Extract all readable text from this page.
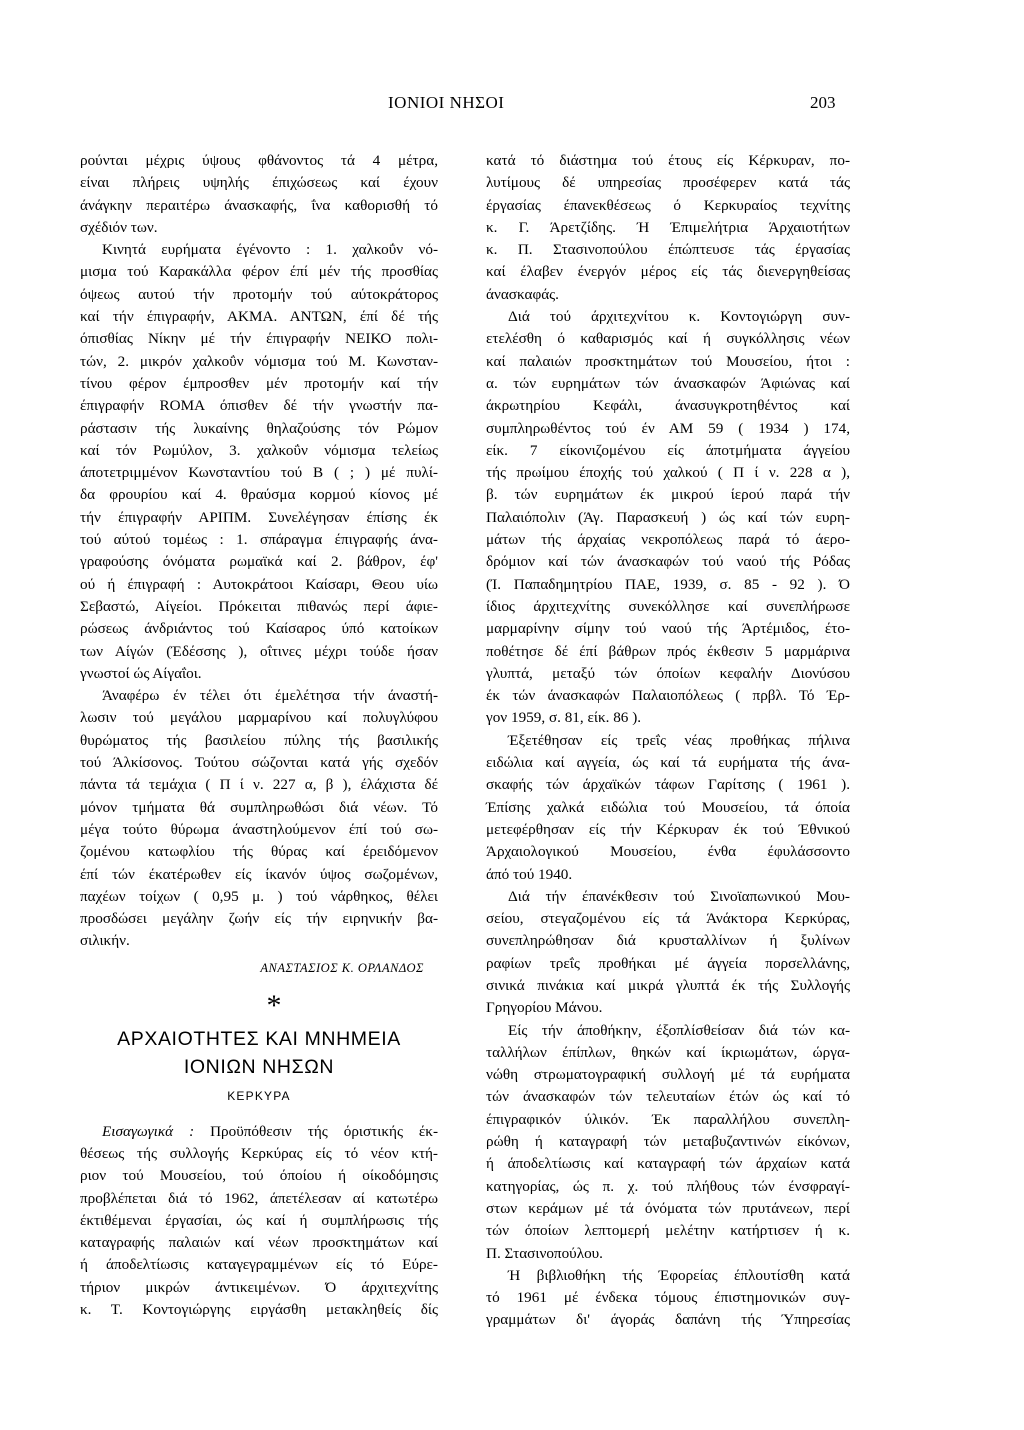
ΙΟΝΙΟΙ ΝΗΣΟΙ	203
ρούνται μέχρις ύψους φθάνοντος τά 4 μέτρα,
είναι πλήρεις υψηλής έπιχώσεως καί έχουν
άνάγκην περαιτέρω άνασκαφής, ΐνα καθορισθή τό
σχέδιόν των.
Κινητά ευρήματα έγένοντο : 1. χαλκοΰν νό-
μισμα τού Καρακάλλα φέρον έπί μέν τής προσθίας
όψεως αυτού τήν προτομήν τού αύτοκράτορος
καί τήν έπιγραφήν, ΑΚΜΑ. ΑΝΤΩΝ, έπί δέ τής
όπισθίας Νίκην μέ τήν έπιγραφήν ΝΕΙΚΟ πολι-
τών, 2. μικρόν χαλκοΰν νόμισμα τού Μ. Κωνσταν-
τίνου φέρον έμπροσθεν μέν προτομήν καί τήν
έπιγραφήν ROMA όπισθεν δέ τήν γνωστήν πα-
ράστασιν τής λυκαίνης θηλαζούσης τόν Ρώμον
καί τόν Ρωμύλον, 3. χαλκοΰν νόμισμα τελείως
άποτετριμμένον Κωνσταντίου τού Β ( ; ) μέ πυλί-
δα φρουρίου καί 4. θραύσμα κορμού κίονος μέ
τήν έπιγραφήν ΑΡΙΠΜ. Συνελέγησαν έπίσης έκ
τού αύτού τομέως : 1. σπάραγμα έπιγραφής άνα-
γραφούσης όνόματα ρωμαϊκά καί 2. βάθρον, έφ'
ού ή έπιγραφή : Αυτοκράτοοι Καίσαρι, Θεου υίω
Σεβαστώ, Αίγείοι. Πρόκειται πιθανώς περί άφιε-
ρώσεως άνδριάντος τού Καίσαρος ύπό κατοίκων
των Αίγών (Έδέσσης ), οΐτινες μέχρι τούδε ήσαν
γνωστοί ώς Αίγαΐοι.
Άναφέρω έν τέλει ότι έμελέτησα τήν άναστή-
λωσιν τού μεγάλου μαρμαρίνου καί πολυγλύφου
θυρώματος τής βασιλείου πύλης τής βασιλικής
τού Άλκίσονος. Τούτου σώζονται κατά γής σχεδόν
πάντα τά τεμάχια ( Π ί ν. 227 α, β ), έλάχιστα δέ
μόνον τμήματα θά συμπληρωθώσι διά νέων. Τό
μέγα τούτο θύρωμα άναστηλούμενον έπί τού σω-
ζομένου κατωφλίου τής θύρας καί έρειδόμενον
έπί τών έκατέρωθεν είς ίκανόν ύψος σωζομένων,
παχέων τοίχων ( 0,95 μ. ) τού νάρθηκος, θέλει
προσδώσει μεγάλην ζωήν είς τήν ειρηνικήν βα-
σιλικήν.
ΑΝΑΣΤΑΣΙΟΣ Κ. ΟΡΛΑΝΔΟΣ
*
ΑΡΧΑΙΟΤΗΤΕΣ ΚΑΙ ΜΝΗΜΕΙΑ
ΙΟΝΙΩΝ ΝΗΣΩΝ
ΚΕΡΚΥΡΑ
Εισαγωγικά : Προϋπόθεσιν τής όριστικής έκ-
θέσεως τής συλλογής Κερκύρας είς τό νέον κτή-
ριον τού Μουσείου, τού όποίου ή οίκοδόμησις
προβλέπεται διά τό 1962, άπετέλεσαν αί κατωτέρω
έκτιθέμεναι έργασίαι, ώς καί ή συμπλήρωσις τής
καταγραφής παλαιών καί νέων προσκτημάτων καί
ή άποδελτίωσις καταγεγραμμένων είς τό Εύρε-
τήριον μικρών άντικειμένων. Ό άρχιτεχνίτης
κ. Τ. Κοντογιώργης ειργάσθη μετακληθείς δίς
κατά τό διάστημα τού έτους είς Κέρκυραν, πο-
λυτίμους δέ υπηρεσίας προσέφερεν κατά τάς
έργασίας έπανεκθέσεως ό Κερκυραίος τεχνίτης
κ. Γ. Άρετζίδης. Ή Έπιμελήτρια Άρχαιοτήτων
κ. Π. Στασινοπούλου έπώπτευσε τάς έργασίας
καί έλαβεν ένεργόν μέρος είς τάς διενεργηθείσας
άνασκαφάς.
Διά τού άρχιτεχνίτου κ. Κοντογιώργη συν-
ετελέσθη ό καθαρισμός καί ή συγκόλλησις νέων
καί παλαιών προσκτημάτων τού Μουσείου, ήτοι :
α. τών ευρημάτων τών άνασκαφών Άφιώνας καί
άκρωτηρίου Κεφάλι, άνασυγκροτηθέντος καί
συμπληρωθέντος τού έν ΑΜ 59 ( 1934 ) 174,
είκ. 7 είκονιζομένου είς άποτμήματα άγγείου
τής πρωίμου έποχής τού χαλκού ( Π ί ν. 228 α ),
β. τών ευρημάτων έκ μικρού ίερού παρά τήν
Παλαιόπολιν (Άγ. Παρασκευή ) ώς καί τών ευρη-
μάτων τής άρχαίας νεκροπόλεως παρά τό άερο-
δρόμιον καί τών άνασκαφών τού ναού τής Ρόδας
(Ί. Παπαδημητρίου ΠΑΕ, 1939, σ. 85 - 92 ). Ό
ίδιος άρχιτεχνίτης συνεκόλλησε καί συνεπλήρωσε
μαρμαρίνην σίμην τού ναού τής Άρτέμιδος, έτο-
ποθέτησε δέ έπί βάθρων πρός έκθεσιν 5 μαρμάρινα
γλυπτά, μεταξύ τών όποίων κεφαλήν Διονύσου
έκ τών άνασκαφών Παλαιοπόλεως ( πρβλ. Τό Έρ-
γον 1959, σ. 81, είκ. 86 ).
Έξετέθησαν είς τρεΐς νέας προθήκας πήλινα
ειδώλια καί αγγεία, ώς καί τά ευρήματα τής άνα-
σκαφής τών άρχαϊκών τάφων Γαρίτσης ( 1961 ).
Έπίσης χαλκά ειδώλια τού Μουσείου, τά όποία
μετεφέρθησαν είς τήν Κέρκυραν έκ τού Έθνικού
Άρχαιολογικού Μουσείου, ένθα έφυλάσσοντο
άπό τού 1940.
Διά τήν έπανέκθεσιν τού Σινοϊαπωνικού Μου-
σείου, στεγαζομένου είς τά Άνάκτορα Κερκύρας,
συνεπληρώθησαν διά κρυσταλλίνων ή ξυλίνων
ραφίων τρεΐς προθήκαι μέ άγγεία πορσελλάνης,
σινικά πινάκια καί μικρά γλυπτά έκ τής Συλλογής
Γρηγορίου Μάνου.
Είς τήν άποθήκην, έξοπλίσθείσαν διά τών κα-
ταλλήλων έπίπλων, θηκών καί ίκριωμάτων, ώργα-
νώθη στρωματογραφική συλλογή μέ τά ευρήματα
τών άνασκαφών τών τελευταίων έτών ώς καί τό
έπιγραφικόν ύλικόν. Έκ παραλλήλου συνεπλη-
ρώθη ή καταγραφή τών μεταβυζαντινών είκόνων,
ή άποδελτίωσις καί καταγραφή τών άρχαίων κατά
κατηγορίας, ώς π. χ. τού πλήθους τών ένσφραγί-
στων κεράμων μέ τά όνόματα τών πρυτάνεων, περί
τών όποίων λεπτομερή μελέτην κατήρτισεν ή κ.
Π. Στασινοπούλου.
Ή βιβλιοθήκη τής Έφορείας έπλουτίσθη κατά
τό 1961 μέ ένδεκα τόμους έπιστημονικών συγ-
γραμμάτων δι' άγοράς δαπάνη τής Ύπηρεσίας
